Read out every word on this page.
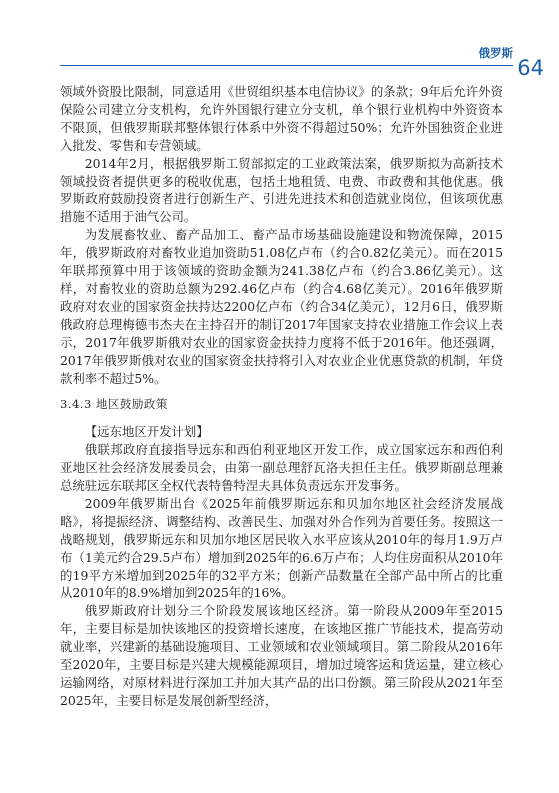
俄罗斯
64

领域外资股比限制，同意适用《世贸组织基本电信协议》的条款；9年后允许外资保险公司建立分支机构，允许外国银行建立分支机，单个银行业机构中外资资本不限顶，但俄罗斯联邦整体银行体系中外资不得超过50%；允许外国独资企业进入批发、零售和专营领域。

2014年2月，根据俄罗斯工贸部拟定的工业政策法案，俄罗斯拟为高新技术领域投资者提供更多的税收优惠，包括土地租赁、电费、市政费和其他优惠。俄罗斯政府鼓励投资者进行创新生产、引进先进技术和创造就业岗位，但该项优惠措施不适用于油气公司。

为发展畜牧业、畜产品加工、畜产品市场基础设施建设和物流保障，2015年，俄罗斯政府对畜牧业追加资助51.08亿卢布（约合0.82亿美元）。而在2015年联邦预算中用于该领域的资助金额为241.38亿卢布（约合3.86亿美元）。这样，对畜牧业的资助总额为292.46亿卢布（约合4.68亿美元）。2016年俄罗斯政府对农业的国家资金扶持达2200亿卢布（约合34亿美元），12月6日，俄罗斯俄政府总理梅德韦杰夫在主持召开的制订2017年国家支持农业措施工作会议上表示，2017年俄罗斯俄对农业的国家资金扶持力度将不低于2016年。他还强调，2017年俄罗斯俄对农业的国家资金扶持将引入对农业企业优惠贷款的机制，年贷款利率不超过5%。

3.4.3 地区鼓励政策

【远东地区开发计划】

俄联邦政府直接指导远东和西伯利亚地区开发工作，成立国家远东和西伯利亚地区社会经济发展委员会，由第一副总理舒瓦洛夫担任主任。俄罗斯副总理兼总统驻远东联邦区全权代表特鲁特涅夫具体负责远东开发事务。

2009年俄罗斯出台《2025年前俄罗斯远东和贝加尔地区社会经济发展战略》，将提振经济、调整结构、改善民生、加强对外合作列为首要任务。按照这一战略规划，俄罗斯远东和贝加尔地区居民收入水平应该从2010年的每月1.9万卢布（1美元约合29.5卢布）增加到2025年的6.6万卢布；人均住房面积从2010年的19平方米增加到2025年的32平方米；创新产品数量在全部产品中所占的比重从2010年的8.9%增加到2025年的16%。

俄罗斯政府计划分三个阶段发展该地区经济。第一阶段从2009年至2015年，主要目标是加快该地区的投资增长速度，在该地区推广节能技术，提高劳动就业率，兴建新的基础设施项目、工业领域和农业领域项目。第二阶段从2016年至2020年，主要目标是兴建大规模能源项目，增加过境客运和货运量，建立核心运输网络，对原材料进行深加工并加大其产品的出口份额。第三阶段从2021年至2025年，主要目标是发展创新型经济，
